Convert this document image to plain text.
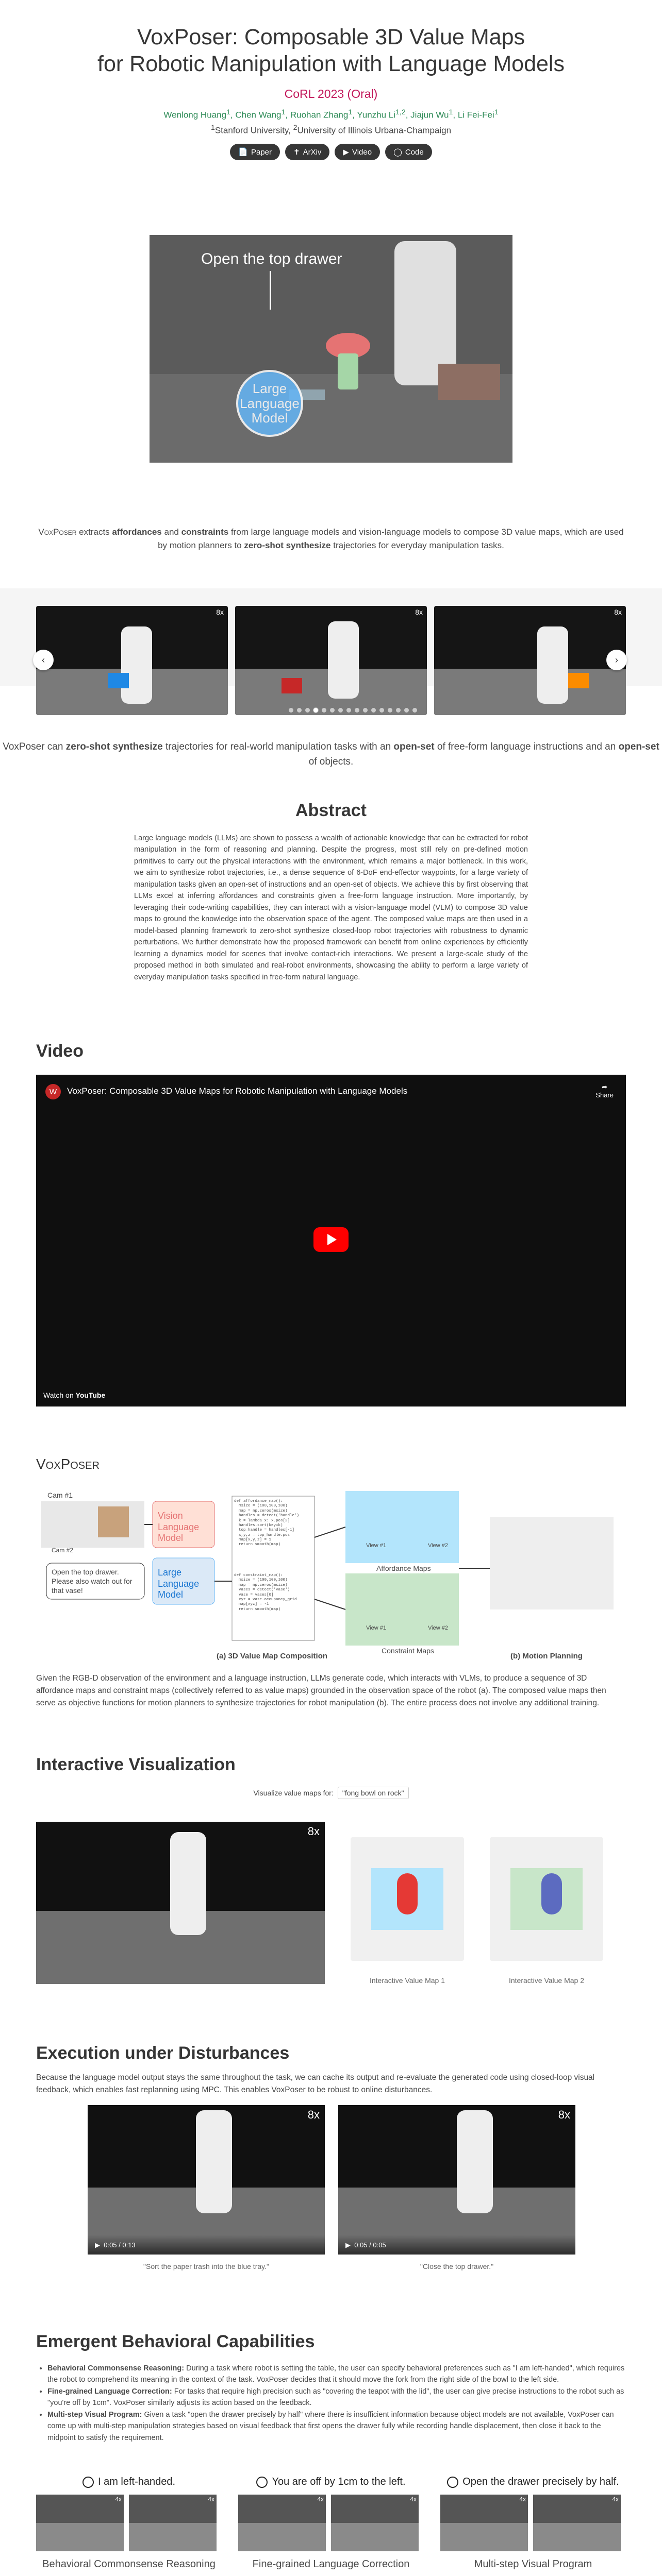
VoxPoser: Composable 3D Value Maps
for Robotic Manipulation with Language Models
CoRL 2023 (Oral)
Wenlong Huang$^1$, Chen Wang$^1$, Ruohan Zhang$^1$, Yunzhu Li$^{1,2}$, Jiajun Wu$^1$, Li Fei-Fei$^1$
$^1$Stanford University, $^2$University of Illinois Urbana-Champaign
📄 Paper	✝ ArXiv	▶ Video	◯ Code
Open the top drawer
Large Language Model
VoxPoser extracts affordances and constraints from large language models and vision-language models to compose 3D value maps, which are used by motion planners to zero-shot synthesize trajectories for everyday manipulation tasks.
8x	8x	8x
‹	›
VoxPoser can zero-shot synthesize trajectories for real-world manipulation tasks with an open-set of free-form language instructions and an open-set of objects.
Abstract
Large language models (LLMs) are shown to possess a wealth of actionable knowledge that can be extracted for robot manipulation in the form of reasoning and planning. Despite the progress, most still rely on pre-defined motion primitives to carry out the physical interactions with the environment, which remains a major bottleneck. In this work, we aim to synthesize robot trajectories, i.e., a dense sequence of 6-DoF end-effector waypoints, for a large variety of manipulation tasks given an open-set of instructions and an open-set of objects. We achieve this by first observing that LLMs excel at inferring affordances and constraints given a free-form language instruction. More importantly, by leveraging their code-writing capabilities, they can interact with a vision-language model (VLM) to compose 3D value maps to ground the knowledge into the observation space of the agent. The composed value maps are then used in a model-based planning framework to zero-shot synthesize closed-loop robot trajectories with robustness to dynamic perturbations. We further demonstrate how the proposed framework can benefit from online experiences by efficiently learning a dynamics model for scenes that involve contact-rich interactions. We present a large-scale study of the proposed method in both simulated and real-robot environments, showcasing the ability to perform a large variety of everyday manipulation tasks specified in free-form natural language.
Video
W	VoxPoser: Composable 3D Value Maps for Robotic Manipulation with Language Models	➦
Share
Watch on YouTube
VoxPoser
Cam #1
Cam #2
Open the top drawer. Please also watch out for that vase!
Vision Language Model
Large Language Model
def affordance_map():
msize = (100,100,100)
map = np.zeros(msize)
handles = detect('handle')
k = lambda x: x.pos[2]
handles.sort(key=k)
top_handle = handles[-1]
x,y,z = top_handle.pos
map[x,y,z] = 1
return smooth(map)
def constraint_map():
msize = (100,100,100)
map = np.zeros(msize)
vases = detect('vase')
vase = vases[0]
xyz = vase.occupancy_grid
map[xyz] = -1
return smooth(map)
View #1	View #2
View #1	View #2
Affordance Maps
Constraint Maps
(a) 3D Value Map Composition	(b) Motion Planning
Given the RGB-D observation of the environment and a language instruction, LLMs generate code, which interacts with VLMs, to produce a sequence of 3D affordance maps and constraint maps (collectively referred to as value maps) grounded in the observation space of the robot (a). The composed value maps then serve as objective functions for motion planners to synthesize trajectories for robot manipulation (b). The entire process does not involve any additional training.
Interactive Visualization
Visualize value maps for: "fong bowl on rock"
8x
Interactive Value Map 1	Interactive Value Map 2
Execution under Disturbances
Because the language model output stays the same throughout the task, we can cache its output and re-evaluate the generated code using closed-loop visual feedback, which enables fast replanning using MPC. This enables VoxPoser to be robust to online disturbances.
8x
▶  0:05 / 0:13
8x
▶  0:05 / 0:05
"Sort the paper trash into the blue tray."	"Close the top drawer."
Emergent Behavioral Capabilities
• Behavioral Commonsense Reasoning: During a task where robot is setting the table, the user can specify behavioral preferences such as "I am left-handed", which requires the robot to comprehend its meaning in the context of the task. VoxPoser decides that it should move the fork from the right side of the bowl to the left side.
• Fine-grained Language Correction: For tasks that require high precision such as "covering the teapot with the lid", the user can give precise instructions to the robot such as "you're off by 1cm". VoxPoser similarly adjusts its action based on the feedback.
• Multi-step Visual Program: Given a task "open the drawer precisely by half" where there is insufficient information because object models are not available, VoxPoser can come up with multi-step manipulation strategies based on visual feedback that first opens the drawer fully while recording handle displacement, then close it back to the midpoint to satisfy the requirement.
I am left-handed.
4x	4x
Behavioral Commonsense Reasoning
You are off by 1cm to the left.
4x	4x
Fine-grained Language Correction
Open the drawer precisely by half.
4x	4x
Multi-step Visual Program
